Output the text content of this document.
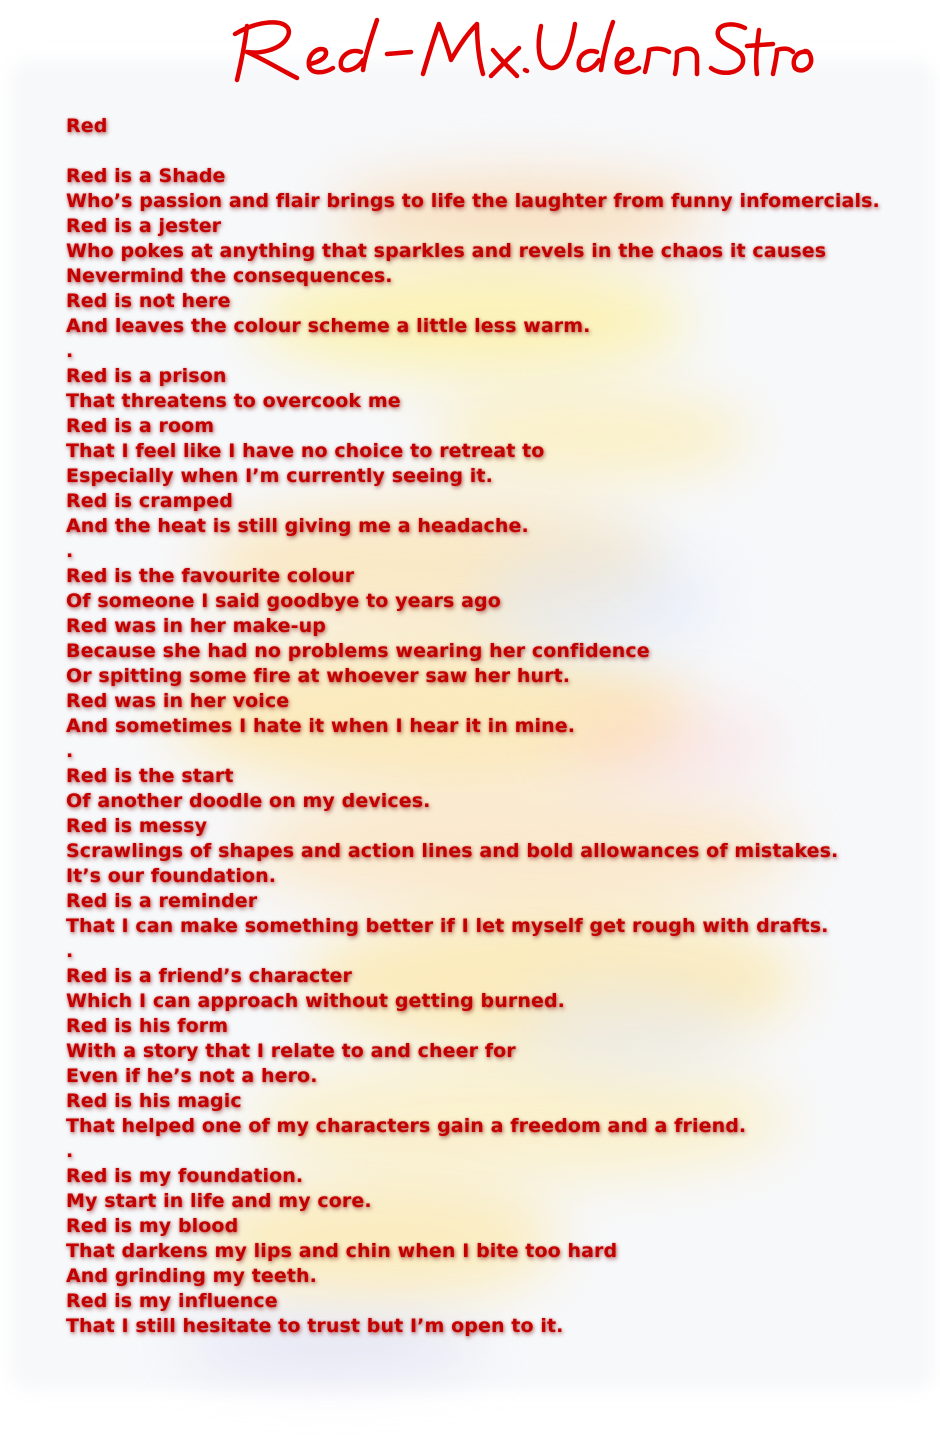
Red
Red is a Shade
Who’s passion and flair brings to life the laughter from funny infomercials.
Red is a jester
Who pokes at anything that sparkles and revels in the chaos it causes
Nevermind the consequences.
Red is not here
And leaves the colour scheme a little less warm.
.
Red is a prison
That threatens to overcook me
Red is a room
That I feel like I have no choice to retreat to
Especially when I’m currently seeing it.
Red is cramped
And the heat is still giving me a headache.
.
Red is the favourite colour
Of someone I said goodbye to years ago
Red was in her make-up
Because she had no problems wearing her confidence
Or spitting some fire at whoever saw her hurt.
Red was in her voice
And sometimes I hate it when I hear it in mine.
.
Red is the start
Of another doodle on my devices.
Red is messy
Scrawlings of shapes and action lines and bold allowances of mistakes.
It’s our foundation.
Red is a reminder
That I can make something better if I let myself get rough with drafts.
.
Red is a friend’s character
Which I can approach without getting burned.
Red is his form
With a story that I relate to and cheer for
Even if he’s not a hero.
Red is his magic
That helped one of my characters gain a freedom and a friend.
.
Red is my foundation.
My start in life and my core.
Red is my blood
That darkens my lips and chin when I bite too hard
And grinding my teeth.
Red is my influence
That I still hesitate to trust but I’m open to it.
